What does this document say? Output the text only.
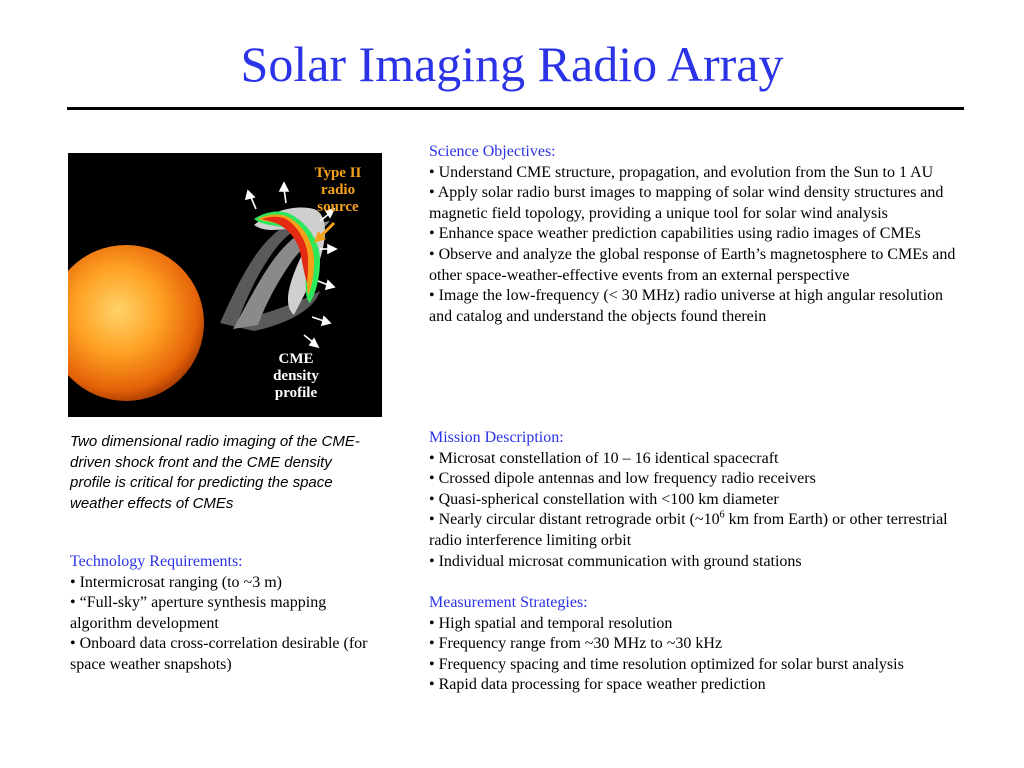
Solar Imaging Radio Array
Type II
radio
source
CME
density
profile
Two dimensional radio imaging of the CME-driven shock front and the CME density profile is critical for predicting the space weather effects of CMEs
Technology Requirements:
• Intermicrosat ranging (to ~3 m)
• “Full-sky” aperture synthesis mapping algorithm development
• Onboard data cross-correlation desirable (for space weather snapshots)
Science Objectives:
• Understand CME structure, propagation, and evolution from the Sun to 1 AU
• Apply solar radio burst images to mapping of solar wind density structures and magnetic field topology, providing a unique tool for solar wind analysis
• Enhance space weather prediction capabilities using radio images of CMEs
• Observe and analyze the global response of Earth’s magnetosphere to CMEs and other space-weather-effective events from an external perspective
• Image the low-frequency (< 30 MHz) radio universe at high angular resolution and catalog and understand the objects found therein
Mission Description:
• Microsat constellation of 10 – 16 identical spacecraft
• Crossed dipole antennas and low frequency radio receivers
• Quasi-spherical constellation with <100 km diameter
• Nearly circular distant retrograde orbit ($\sim 10^6$ km from Earth) or other terrestrial radio interference limiting orbit
• Individual microsat communication with ground stations
Measurement Strategies:
• High spatial and temporal resolution
• Frequency range from ~30 MHz to ~30 kHz
• Frequency spacing and time resolution optimized for solar burst analysis
• Rapid data processing for space weather prediction
